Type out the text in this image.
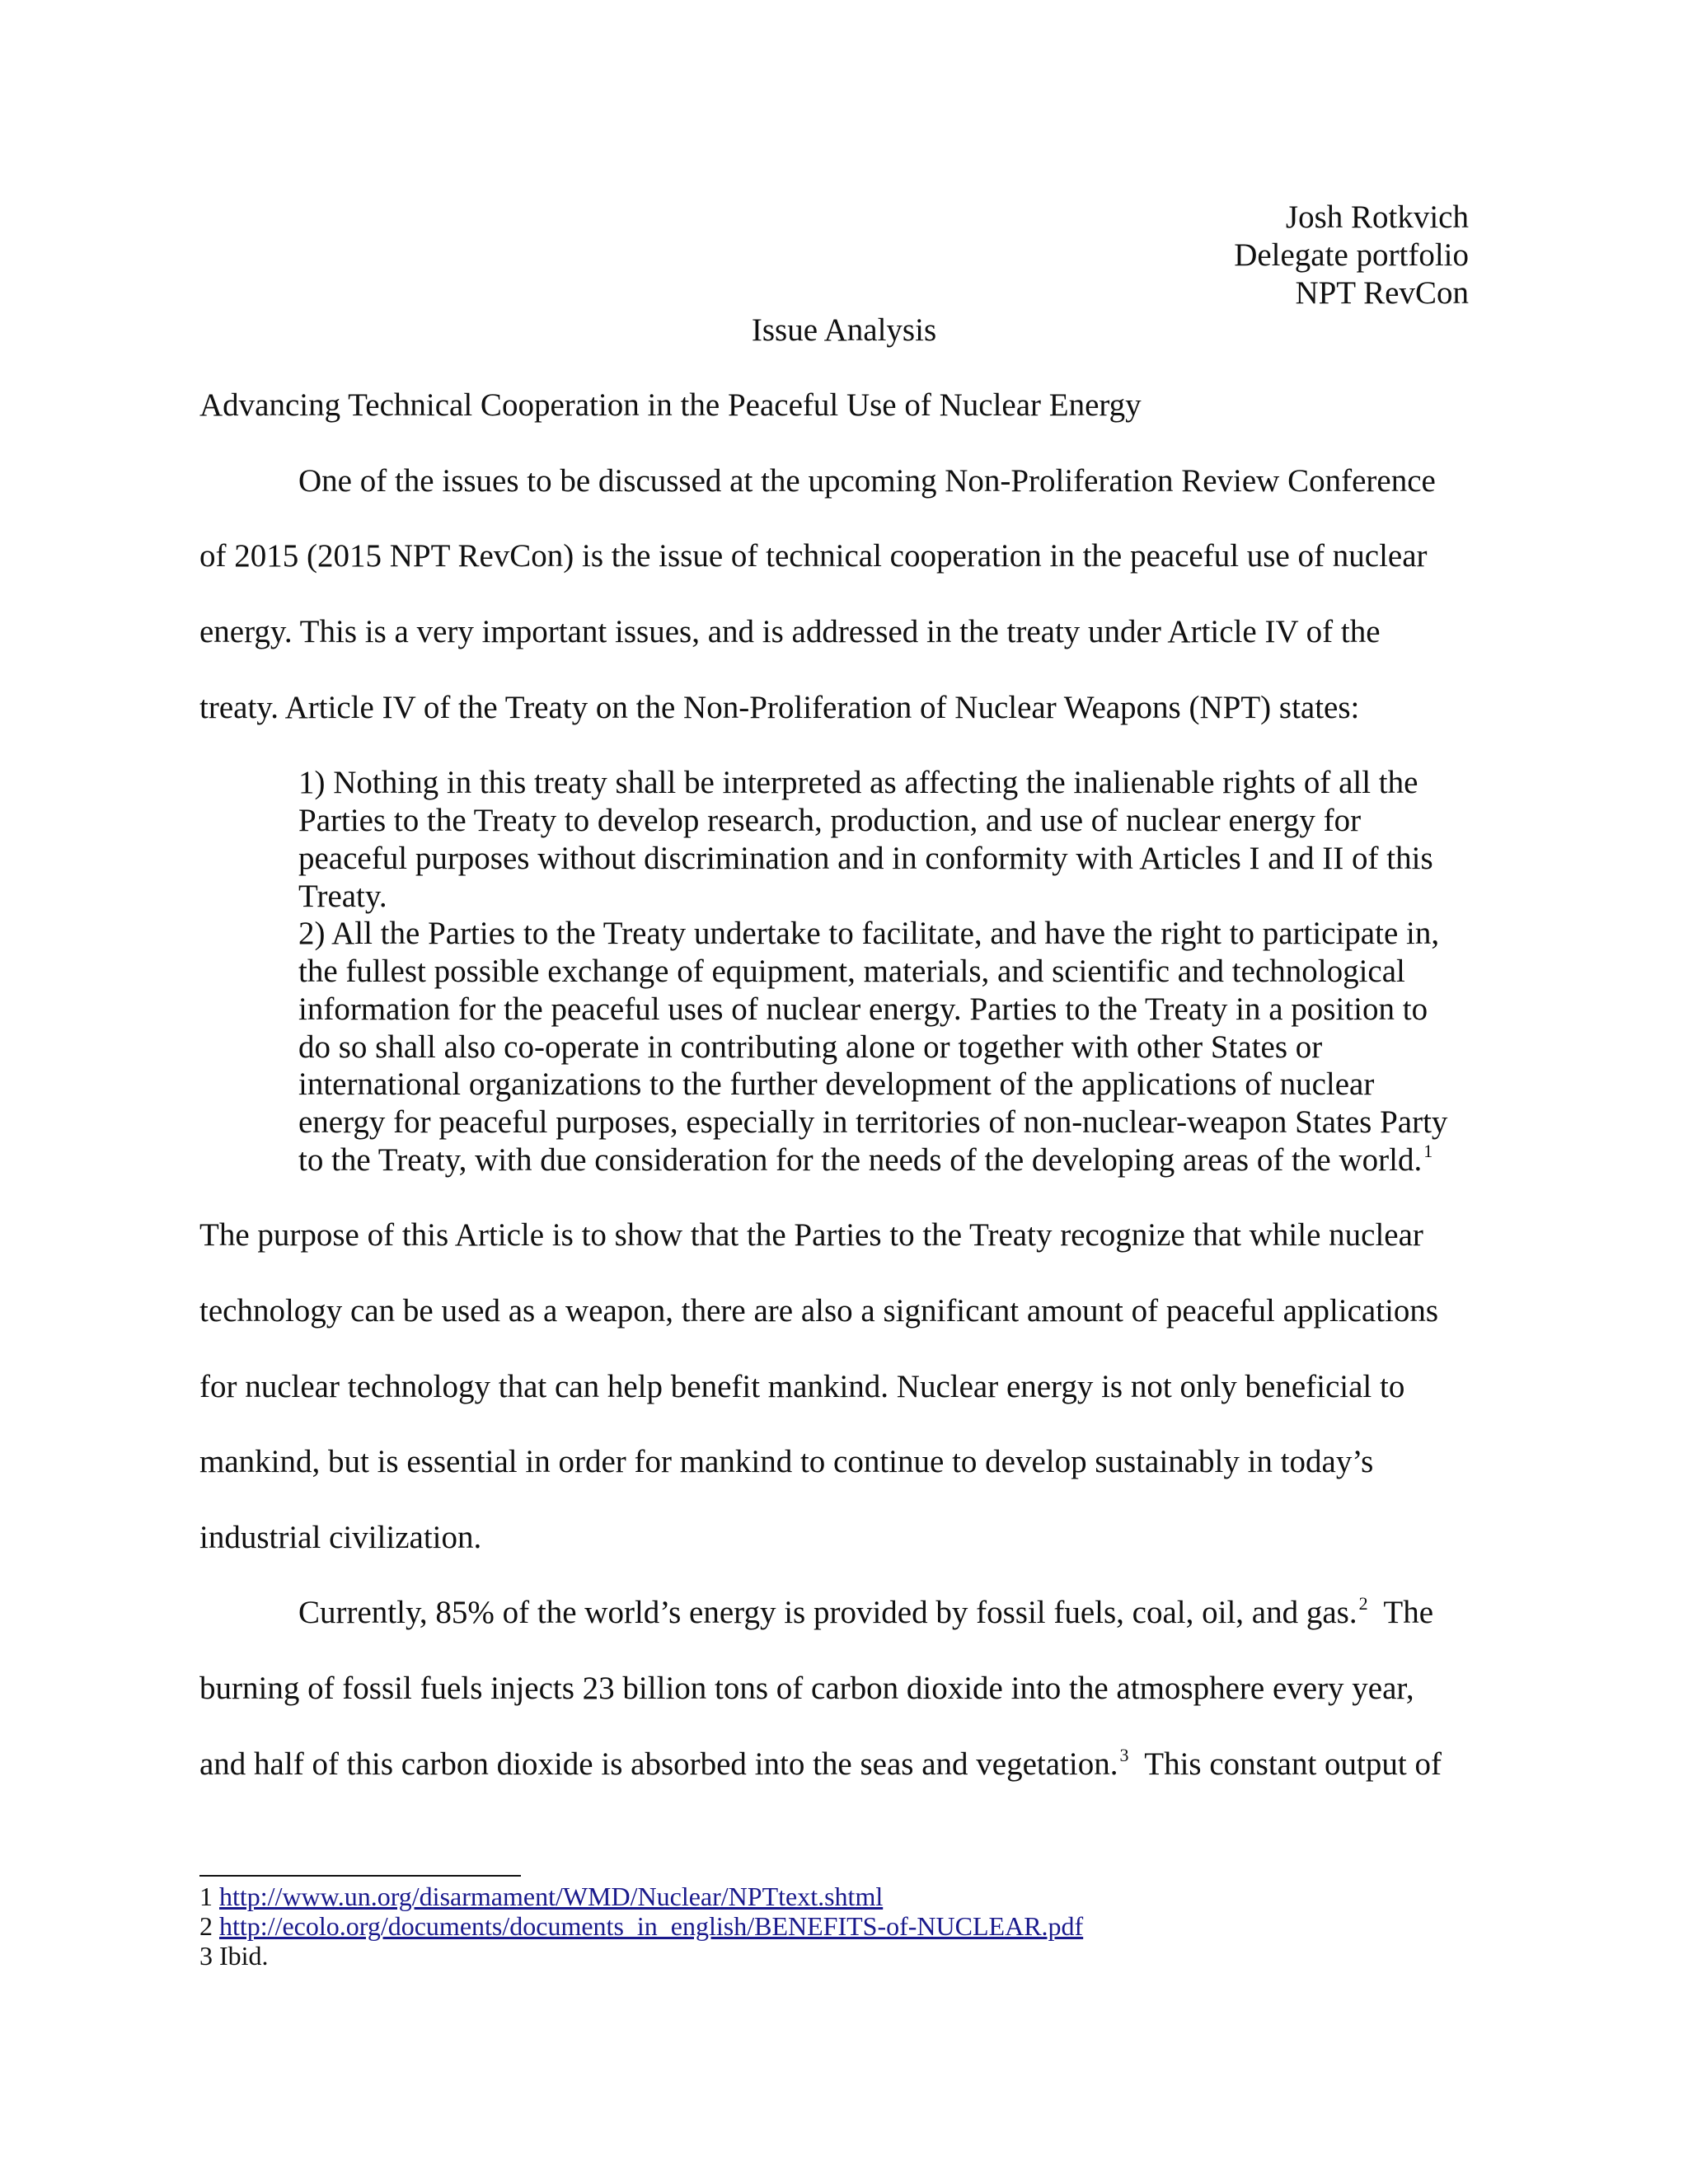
Josh Rotkvich
Delegate portfolio
NPT RevCon
Issue Analysis
Advancing Technical Cooperation in the Peaceful Use of Nuclear Energy
One of the issues to be discussed at the upcoming Non-Proliferation Review Conference
of 2015 (2015 NPT RevCon) is the issue of technical cooperation in the peaceful use of nuclear
energy. This is a very important issues, and is addressed in the treaty under Article IV of the
treaty. Article IV of the Treaty on the Non-Proliferation of Nuclear Weapons (NPT) states:
1) Nothing in this treaty shall be interpreted as affecting the inalienable rights of all the
Parties to the Treaty to develop research, production, and use of nuclear energy for
peaceful purposes without discrimination and in conformity with Articles I and II of this
Treaty.
2) All the Parties to the Treaty undertake to facilitate, and have the right to participate in,
the fullest possible exchange of equipment, materials, and scientific and technological
information for the peaceful uses of nuclear energy. Parties to the Treaty in a position to
do so shall also co-operate in contributing alone or together with other States or
international organizations to the further development of the applications of nuclear
energy for peaceful purposes, especially in territories of non-nuclear-weapon States Party
to the Treaty, with due consideration for the needs of the developing areas of the world.$^1$
The purpose of this Article is to show that the Parties to the Treaty recognize that while nuclear
technology can be used as a weapon, there are also a significant amount of peaceful applications
for nuclear technology that can help benefit mankind. Nuclear energy is not only beneficial to
mankind, but is essential in order for mankind to continue to develop sustainably in today’s
industrial civilization.
Currently, 85% of the world’s energy is provided by fossil fuels, coal, oil, and gas.$^2$  The
burning of fossil fuels injects 23 billion tons of carbon dioxide into the atmosphere every year,
and half of this carbon dioxide is absorbed into the seas and vegetation.$^3$  This constant output of
1 http://www.un.org/disarmament/WMD/Nuclear/NPTtext.shtml
2 http://ecolo.org/documents/documents_in_english/BENEFITS-of-NUCLEAR.pdf
3 Ibid.
